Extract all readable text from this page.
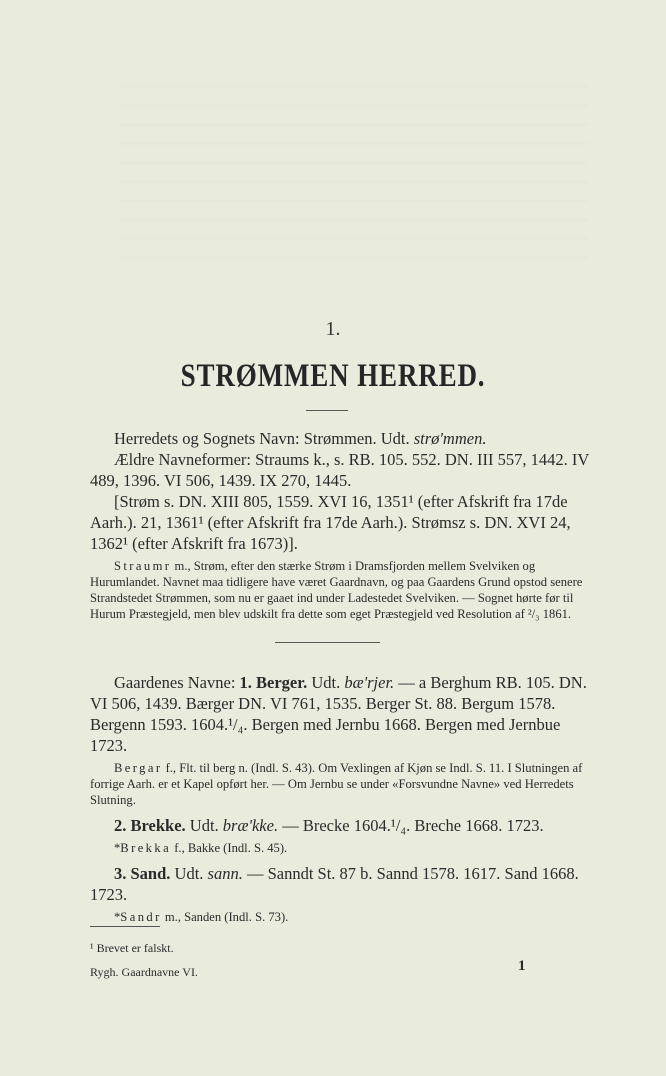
1.
STRØMMEN HERRED.

Herredets og Sognets Navn: Strømmen. Udt. strø'mmen.

Ældre Navneformer: Straums k., s. RB. 105. 552. DN. III 557, 1442. IV 489, 1396. VI 506, 1439. IX 270, 1445.

[Strøm s. DN. XIII 805, 1559. XVI 16, 1351¹ (efter Afskrift fra 17de Aarh.). 21, 1361¹ (efter Afskrift fra 17de Aarh.). Strømsz s. DN. XVI 24, 1362¹ (efter Afskrift fra 1673)].

Straumr m., Strøm, efter den stærke Strøm i Dramsfjorden mellem Svelviken og Hurumlandet. Navnet maa tidligere have været Gaardnavn, og paa Gaardens Grund opstod senere Strandstedet Strømmen, som nu er gaaet ind under Ladestedet Svelviken. — Sognet hørte før til Hurum Præstegjeld, men blev udskilt fra dette som eget Præstegjeld ved Resolution af ²/₃ 1861.

Gaardenes Navne: 1. Berger. Udt. bæ'rjer. — a Berghum RB. 105. DN. VI 506, 1439. Bærger DN. VI 761, 1535. Berger St. 88. Bergum 1578. Bergenn 1593. 1604.¹/₄. Bergen med Jernbu 1668. Bergen med Jernbue 1723.

Bergar f., Flt. til berg n. (Indl. S. 43). Om Vexlingen af Kjøn se Indl. S. 11. I Slutningen af forrige Aarh. er et Kapel opført her. — Om Jernbu se under «Forsvundne Navne» ved Herredets Slutning.

2. Brekke. Udt. bræ'kke. — Brecke 1604.¹/₄. Breche 1668. 1723.

*Brekka f., Bakke (Indl. S. 45).

3. Sand. Udt. sann. — Sanndt St. 87 b. Sannd 1578. 1617. Sand 1668. 1723.

*Sandr m., Sanden (Indl. S. 73).

¹ Brevet er falskt.
Rygh. Gaardnavne VI.	1
